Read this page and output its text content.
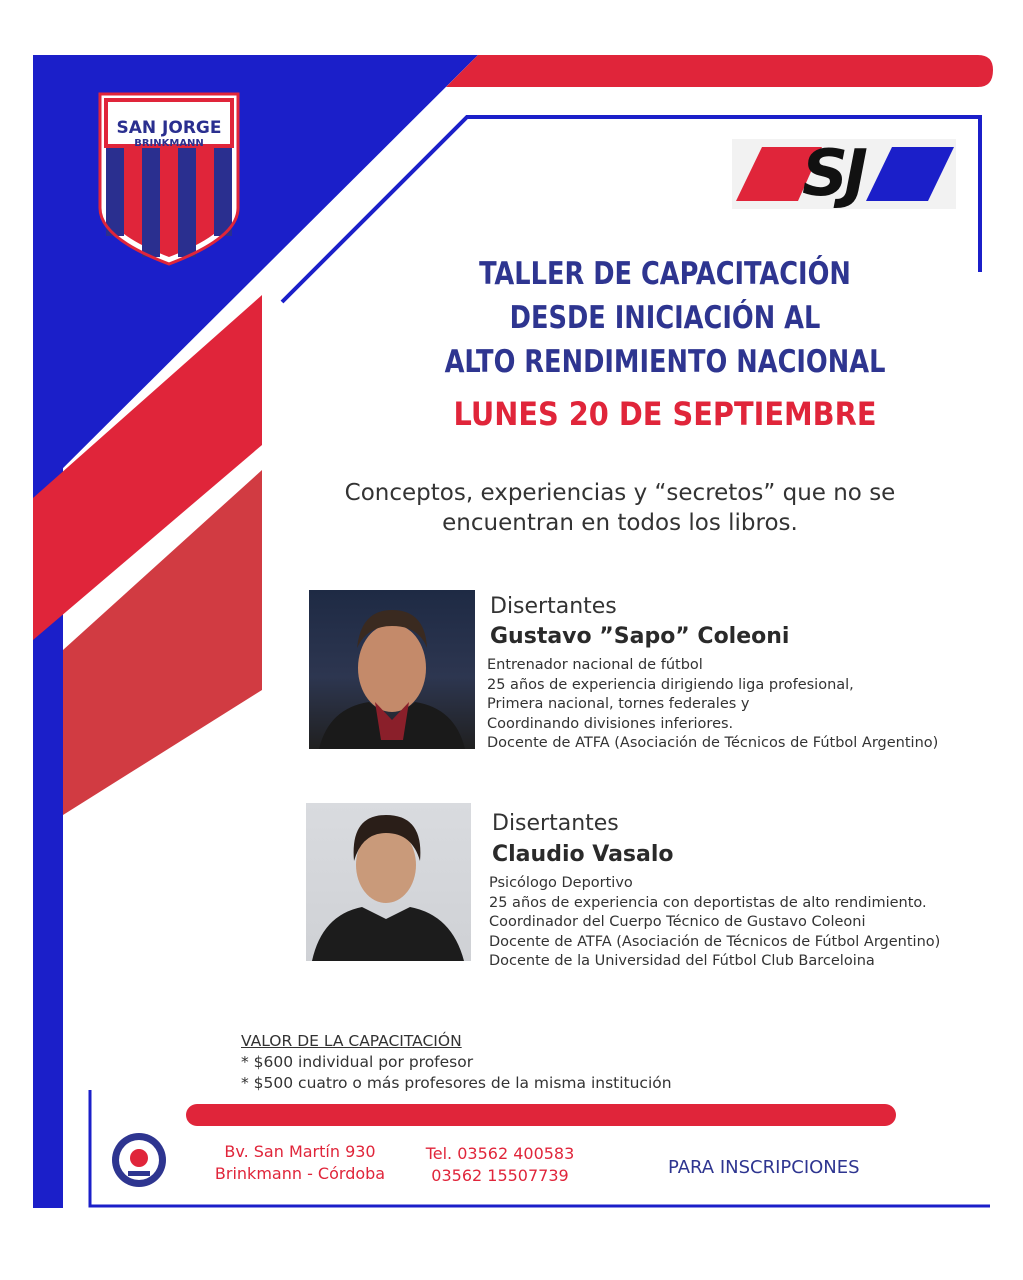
SAN JORGE
BRINKMANN	SJ
TALLER DE CAPACITACIÓN
DESDE INICIACIÓN AL
ALTO RENDIMIENTO NACIONAL
LUNES 20 DE SEPTIEMBRE
Conceptos, experiencias y “secretos” que no se
encuentran en todos los libros.
Disertantes
Gustavo ”Sapo” Coleoni
Entrenador nacional de fútbol
25 años de experiencia dirigiendo liga profesional,
Primera nacional, tornes federales y
Coordinando divisiones inferiores.
Docente de ATFA (Asociación de Técnicos de Fútbol Argentino)
Disertantes
Claudio Vasalo
Psicólogo Deportivo
25 años de experiencia con deportistas de alto rendimiento.
Coordinador del Cuerpo Técnico de Gustavo Coleoni
Docente de ATFA (Asociación de Técnicos de Fútbol Argentino)
Docente de la Universidad del Fútbol Club Barceloina
VALOR DE LA CAPACITACIÓN
* $600 individual por profesor
* $500 cuatro o más profesores de la misma institución
Bv. San Martín 930
Brinkmann - Córdoba
Tel. 03562 400583
03562 15507739	PARA INSCRIPCIONES
